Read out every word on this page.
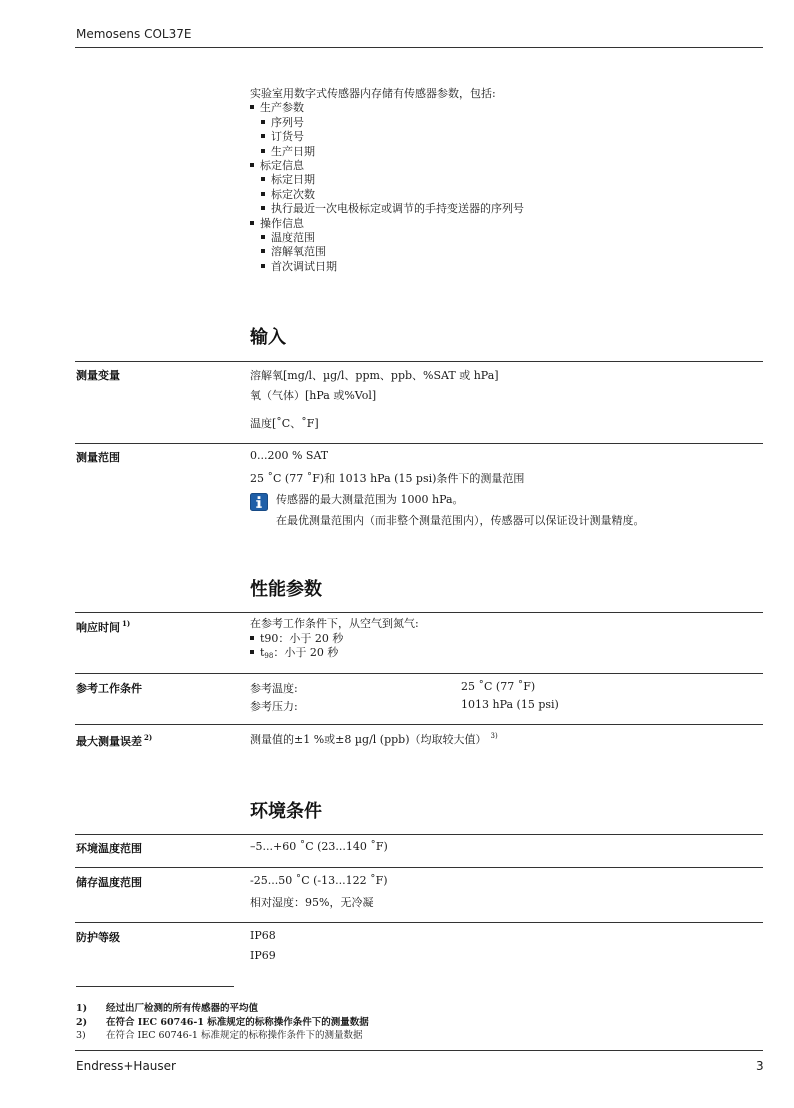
Memosens COL37E
实验室用数字式传感器内存储有传感器参数，包括:
生产参数
序列号
订货号
生产日期
标定信息
标定日期
标定次数
执行最近一次电极标定或调节的手持变送器的序列号
操作信息
温度范围
溶解氧范围
首次调试日期
输入
测量变量	溶解氧[mg/l、µg/l、ppm、ppb、%SAT 或 hPa]
氧（气体）[hPa 或%Vol]
温度[˚C、˚F]
测量范围	0...200 % SAT
25 ˚C (77 ˚F)和 1013 hPa (15 psi)条件下的测量范围
传感器的最大测量范围为 1000 hPa。
在最优测量范围内（而非整个测量范围内），传感器可以保证设计测量精度。
性能参数
响应时间 $^{1)}$	在参考工作条件下，从空气到氮气:
t90：小于 20 秒
$t_{98}$：小于 20 秒
参考工作条件	参考温度:	25 ˚C (77 ˚F)
参考压力:	1013 hPa (15 psi)
最大测量误差 $^{2)}$	测量值的±1 %或±8 µg/l (ppb)（均取较大值） $^{3)}$
环境条件
环境温度范围	–5...+60 ˚C (23...140 ˚F)
储存温度范围	-25...50 ˚C (-13...122 ˚F)
相对湿度：95%，无冷凝
防护等级	IP68
IP69
1) 经过出厂检测的所有传感器的平均值
2) 在符合 IEC 60746-1 标准规定的标称操作条件下的测量数据
3) 在符合 IEC 60746-1 标准规定的标称操作条件下的测量数据
Endress+Hauser	3
